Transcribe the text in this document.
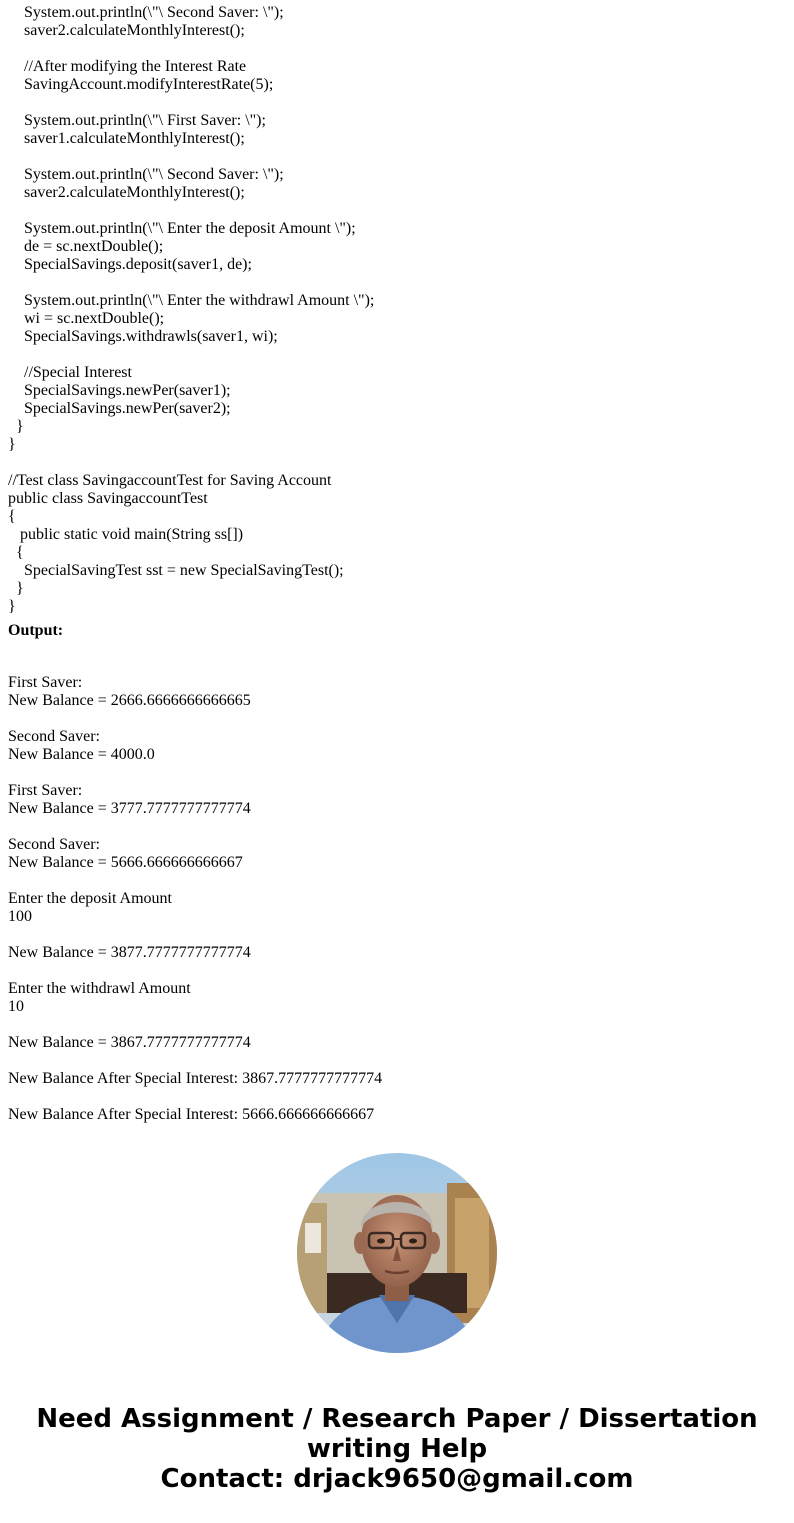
System.out.println(\"\ Second Saver: \");
saver2.calculateMonthlyInterest();

//After modifying the Interest Rate
SavingAccount.modifyInterestRate(5);

System.out.println(\"\ First Saver: \");
saver1.calculateMonthlyInterest();

System.out.println(\"\ Second Saver: \");
saver2.calculateMonthlyInterest();

System.out.println(\"\ Enter the deposit Amount \");
de = sc.nextDouble();
SpecialSavings.deposit(saver1, de);

System.out.println(\"\ Enter the withdrawl Amount \");
wi = sc.nextDouble();
SpecialSavings.withdrawls(saver1, wi);

//Special Interest
SpecialSavings.newPer(saver1);
SpecialSavings.newPer(saver2);
}
}

//Test class SavingaccountTest for Saving Account
public class SavingaccountTest
{
public static void main(String ss[])
{
SpecialSavingTest sst = new SpecialSavingTest();
}
}

Output:

First Saver:
New Balance = 2666.6666666666665

Second Saver:
New Balance = 4000.0

First Saver:
New Balance = 3777.7777777777774

Second Saver:
New Balance = 5666.666666666667

Enter the deposit Amount
100

New Balance = 3877.7777777777774

Enter the withdrawl Amount
10

New Balance = 3867.7777777777774

New Balance After Special Interest: 3867.7777777777774

New Balance After Special Interest: 5666.666666666667
Need Assignment / Research Paper / Dissertation
writing Help
Contact: drjack9650@gmail.com
